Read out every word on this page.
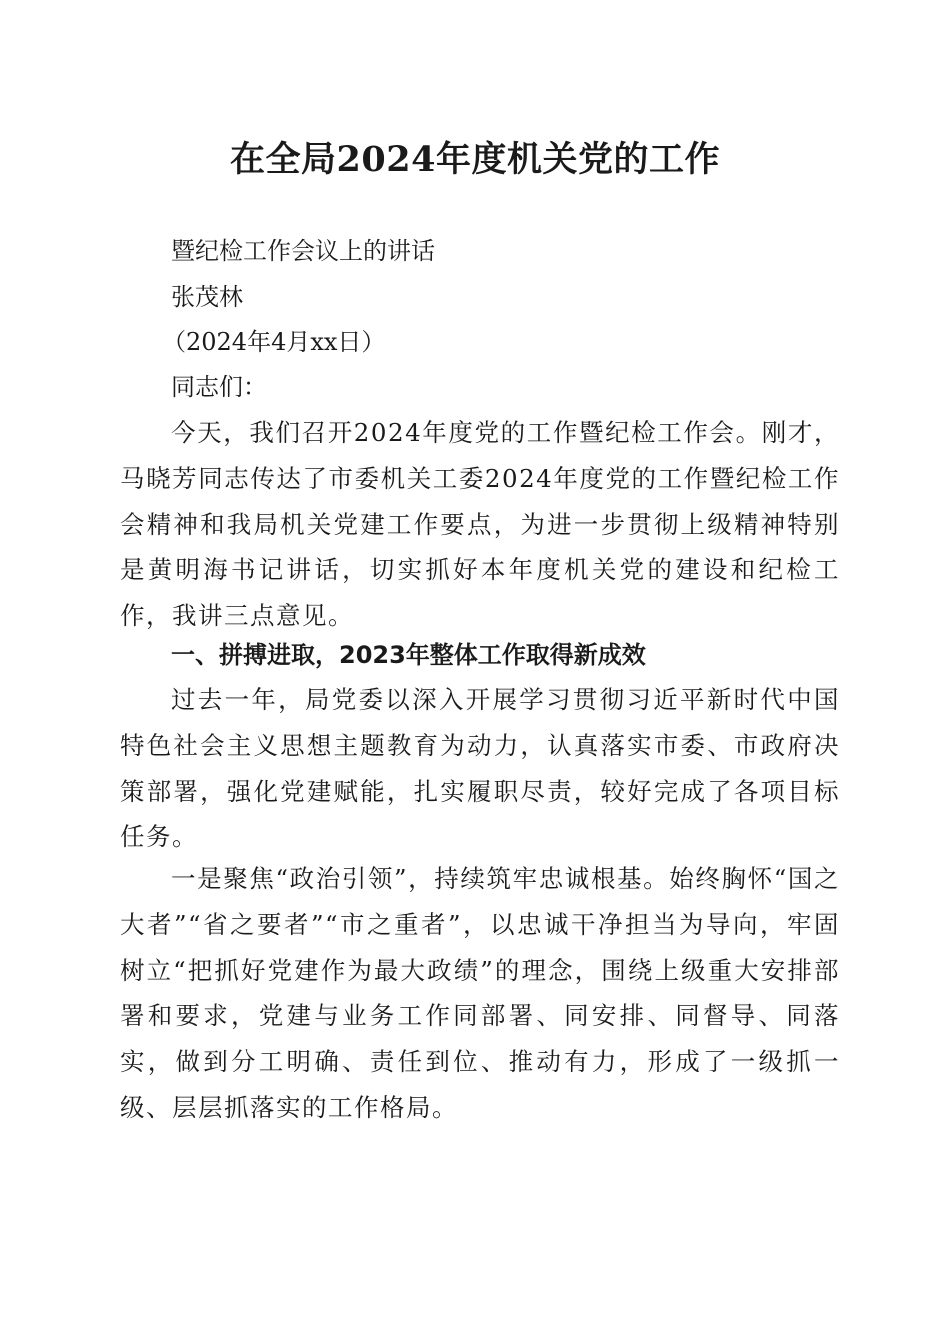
在全局2024年度机关党的工作
暨纪检工作会议上的讲话
张茂林
（2024年4月xx日）
同志们：

今天，我们召开2024年度党的工作暨纪检工作会。刚才，马晓芳同志传达了市委机关工委2024年度党的工作暨纪检工作会精神和我局机关党建工作要点，为进一步贯彻上级精神特别是黄明海书记讲话，切实抓好本年度机关党的建设和纪检工作，我讲三点意见。

一、拼搏进取，2023年整体工作取得新成效

过去一年，局党委以深入开展学习贯彻习近平新时代中国特色社会主义思想主题教育为动力，认真落实市委、市政府决策部署，强化党建赋能，扎实履职尽责，较好完成了各项目标任务。

一是聚焦“政治引领”，持续筑牢忠诚根基。始终胸怀“国之大者”“省之要者”“市之重者”，以忠诚干净担当为导向，牢固树立“把抓好党建作为最大政绩”的理念，围绕上级重大安排部署和要求，党建与业务工作同部署、同安排、同督导、同落实，做到分工明确、责任到位、推动有力，形成了一级抓一级、层层抓落实的工作格局。
